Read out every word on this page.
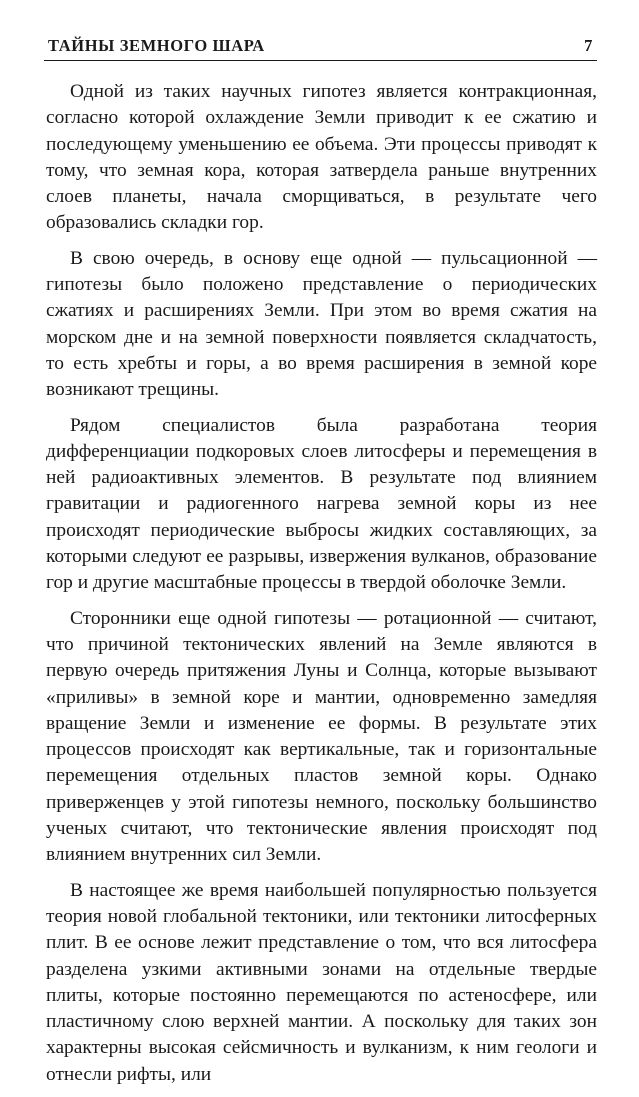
ТАЙНЫ ЗЕМНОГО ШАРА	7

Одной из таких научных гипотез является контракционная, согласно которой охлаждение Земли приводит к ее сжатию и последующему уменьшению ее объема. Эти процессы приводят к тому, что земная кора, которая затвердела раньше внутренних слоев планеты, начала сморщиваться, в результате чего образовались складки гор.

В свою очередь, в основу еще одной — пульсационной — гипотезы было положено представление о периодических сжатиях и расширениях Земли. При этом во время сжатия на морском дне и на земной поверхности появляется складчатость, то есть хребты и горы, а во время расширения в земной коре возникают трещины.

Рядом специалистов была разработана теория дифференциации подкоровых слоев литосферы и перемещения в ней радиоактивных элементов. В результате под влиянием гравитации и радиогенного нагрева земной коры из нее происходят периодические выбросы жидких составляющих, за которыми следуют ее разрывы, извержения вулканов, образование гор и другие масштабные процессы в твердой оболочке Земли.

Сторонники еще одной гипотезы — ротационной — считают, что причиной тектонических явлений на Земле являются в первую очередь притяжения Луны и Солнца, которые вызывают «приливы» в земной коре и мантии, одновременно замедляя вращение Земли и изменение ее формы. В результате этих процессов происходят как вертикальные, так и горизонтальные перемещения отдельных пластов земной коры. Однако приверженцев у этой гипотезы немного, поскольку большинство ученых считают, что тектонические явления происходят под влиянием внутренних сил Земли.

В настоящее же время наибольшей популярностью пользуется теория новой глобальной тектоники, или тектоники литосферных плит. В ее основе лежит представление о том, что вся литосфера разделена узкими активными зонами на отдельные твердые плиты, которые постоянно перемещаются по астеносфере, или пластичному слою верхней мантии. А поскольку для таких зон характерны высокая сейсмичность и вулканизм, к ним геологи и отнесли рифты, или
